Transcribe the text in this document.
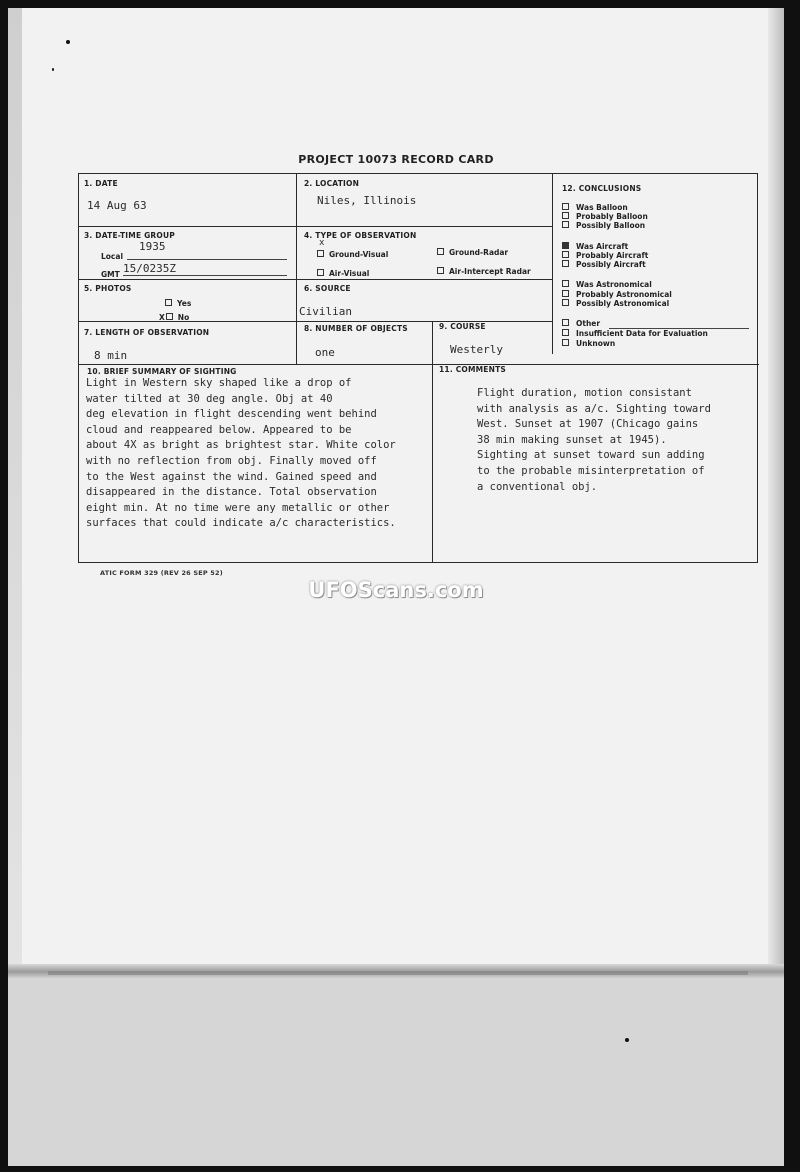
PROJECT 10073 RECORD CARD
1. DATE
14 Aug 63
2. LOCATION
Niles, Illinois
3. DATE-TIME GROUP
Local
1935
GMT 15/0235Z
4. TYPE OF OBSERVATION
x
Ground-Visual	Ground-Radar
Air-Visual	Air-Intercept Radar
5. PHOTOS
Yes
X No
6. SOURCE
Civilian
7. LENGTH OF OBSERVATION
8 min
8. NUMBER OF OBJECTS
one
9. COURSE
Westerly
10. BRIEF SUMMARY OF SIGHTING
Light in Western sky shaped like a drop of
water tilted at 30 deg angle. Obj at 40
deg elevation in flight descending went behind
cloud and reappeared below. Appeared to be
about 4X as bright as brightest star. White color
with no reflection from obj. Finally moved off
to the West against the wind. Gained speed and
disappeared in the distance. Total observation
eight min. At no time were any metallic or other
surfaces that could indicate a/c characteristics.
11. COMMENTS
Flight duration, motion consistant
with analysis as a/c. Sighting toward
West. Sunset at 1907 (Chicago gains
38 min making sunset at 1945).
Sighting at sunset toward sun adding
to the probable misinterpretation of
a conventional obj.
12. CONCLUSIONS
Was Balloon
Probably Balloon
Possibly Balloon
Was Aircraft
Probably Aircraft
Possibly Aircraft
Was Astronomical
Probably Astronomical
Possibly Astronomical
Other
Insufficient Data for Evaluation
Unknown
ATIC FORM 329 (REV 26 SEP 52)
UFOScans.com
